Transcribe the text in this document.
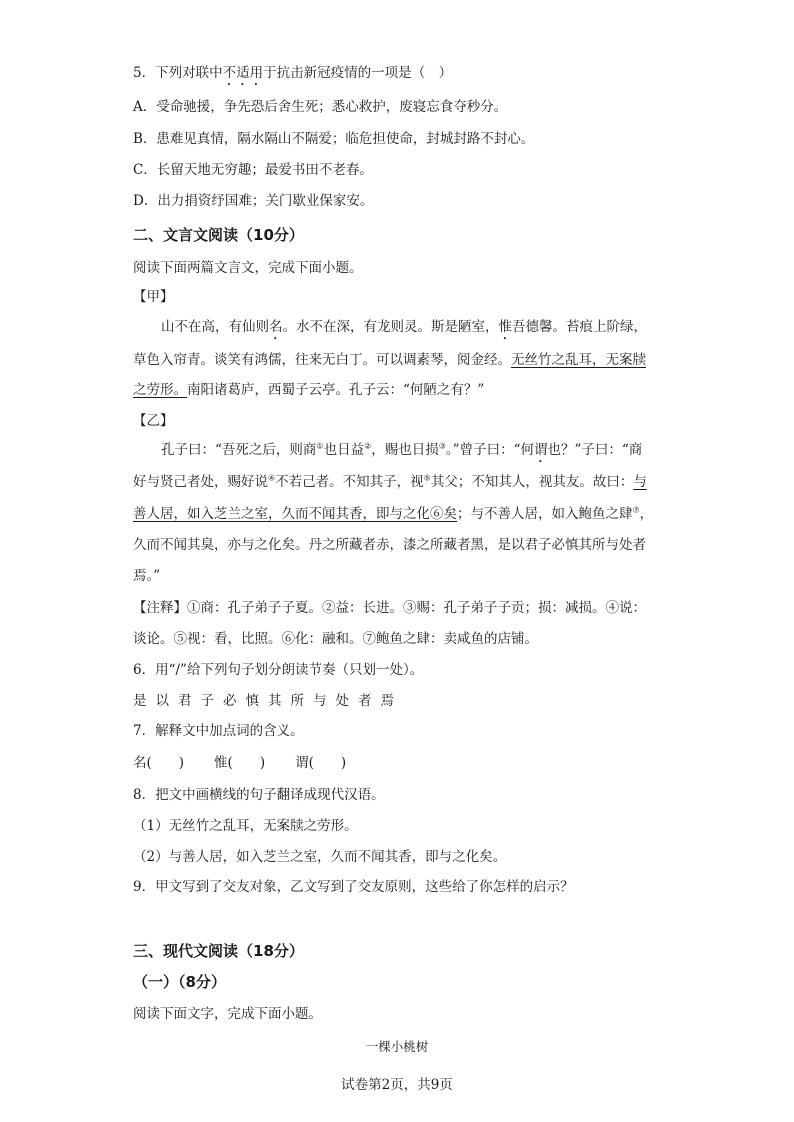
5．下列对联中不适用于抗击新冠疫情的一项是（　）
A．受命驰援，争先恐后舍生死；悉心救护，废寝忘食夺秒分。
B．患难见真情，隔水隔山不隔爱；临危担使命，封城封路不封心。
C．长留天地无穷趣；最爱书田不老春。
D．出力捐资纾国难；关门歇业保家安。
二、文言文阅读（10分）
阅读下面两篇文言文，完成下面小题。
【甲】
山不在高，有仙则名。水不在深，有龙则灵。斯是陋室，惟吾德馨。苔痕上阶绿，
草色入帘青。谈笑有鸿儒，往来无白丁。可以调素琴，阅金经。无丝竹之乱耳，无案牍
之劳形。南阳诸葛庐，西蜀子云亭。孔子云：“何陋之有？”
【乙】
孔子曰：“吾死之后，则商①也日益②，赐也日损③。”曾子曰：“何谓也？”子曰：“商
好与贤己者处，赐好说④不若己者。不知其子，视⑤其父；不知其人，视其友。故曰：与
善人居，如入芝兰之室，久而不闻其香，即与之化⑥矣；与不善人居，如入鲍鱼之肆⑦，
久而不闻其臭，亦与之化矣。丹之所藏者赤，漆之所藏者黑，是以君子必慎其所与处者
焉。”
【注释】①商：孔子弟子子夏。②益：长进。③赐：孔子弟子子贡；损：减损。④说：
谈论。⑤视：看，比照。⑥化：融和。⑦鲍鱼之肆：卖咸鱼的店铺。
6．用“/”给下列句子划分朗读节奏（只划一处）。
是以君子必慎其所与处者焉
7．解释文中加点词的含义。
名(　　) 惟(　　) 谓(　　)
8．把文中画横线的句子翻译成现代汉语。
（1）无丝竹之乱耳，无案牍之劳形。
（2）与善人居，如入芝兰之室，久而不闻其香，即与之化矣。
9．甲文写到了交友对象，乙文写到了交友原则，这些给了你怎样的启示？
三、现代文阅读（18分）
（一）（8分）
阅读下面文字，完成下面小题。
一棵小桃树
试卷第2页，共9页
